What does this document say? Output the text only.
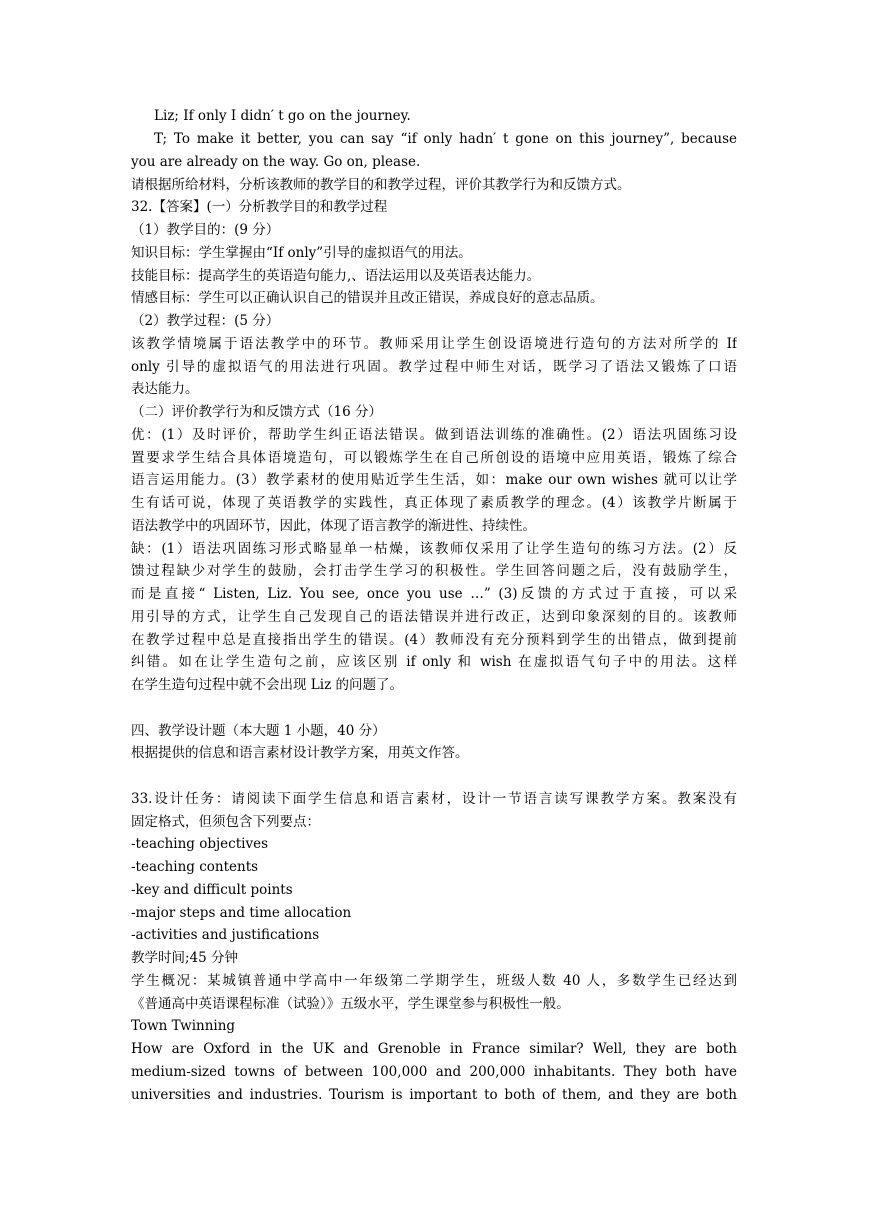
Liz; If only I didn′ t go on the journey.
T; To make it better, you can say “if only hadn′ t gone on this journey”, because
you are already on the way. Go on, please.
请根据所给材料，分析该教师的教学目的和教学过程，评价其教学行为和反馈方式。
32.【答案】(一）分析教学目的和教学过程
（1）教学目的：(9 分）
知识目标：学生掌握由“If only”引导的虚拟语气的用法。
技能目标：提高学生的英语造句能力,、语法运用以及英语表达能力。
情感目标：学生可以正确认识自己的错误并且改正错误，养成良好的意志品质。
（2）教学过程：(5 分）
该教学情境属于语法教学中的环节。教师采用让学生创设语境进行造句的方法对所学的 If
only 引导的虚拟语气的用法进行巩固。教学过程中师生对话，既学习了语法又锻炼了口语
表达能力。
（二）评价教学行为和反馈方式（16 分）
优：(1）及时评价，帮助学生纠正语法错误。做到语法训练的准确性。(2）语法巩固练习设
置要求学生结合具体语境造句，可以锻炼学生在自己所创设的语境中应用英语，锻炼了综合
语言运用能力。(3）教学素材的使用贴近学生生活，如：make our own wishes 就可以让学
生有话可说，体现了英语教学的实践性，真正体现了素质教学的理念。(4）该教学片断属于
语法教学中的巩固环节，因此，体现了语言教学的渐进性、持续性。
缺：(1）语法巩固练习形式略显单一枯燥，该教师仅采用了让学生造句的练习方法。(2）反
馈过程缺少对学生的鼓励，会打击学生学习的积极性。学生回答问题之后，没有鼓励学生，
而是直接“ Listen, Liz. You see, once you use …” (3)反馈的方式过于直接，可以采
用引导的方式，让学生自己发现自己的语法错误并进行改正，达到印象深刻的目的。该教师
在教学过程中总是直接指出学生的错误。(4）教师没有充分预料到学生的出错点，做到提前
纠错。如在让学生造句之前，应该区别 if only 和 wish 在虚拟语气句子中的用法。这样
在学生造句过程中就不会出现 Liz 的问题了。
四、教学设计题（本大题 1 小题，40 分）
根据提供的信息和语言素材设计教学方案，用英文作答。
33.设计任务：请阅读下面学生信息和语言素材，设计一节语言读写课教学方案。教案没有
固定格式，但须包含下列要点：
-teaching objectives
-teaching contents
-key and difficult points
-major steps and time allocation
-activities and justifications
教学时间;45 分钟
学生概况：某城镇普通中学高中一年级第二学期学生，班级人数 40 人，多数学生已经达到
《普通高中英语课程标准（试验）》五级水平，学生课堂参与积极性一般。
Town Twinning
How are Oxford in the UK and Grenoble in France similar? Well, they are both
medium-sized towns of between 100,000 and 200,000 inhabitants. They both have
universities and industries. Tourism is important to both of them, and they are both
